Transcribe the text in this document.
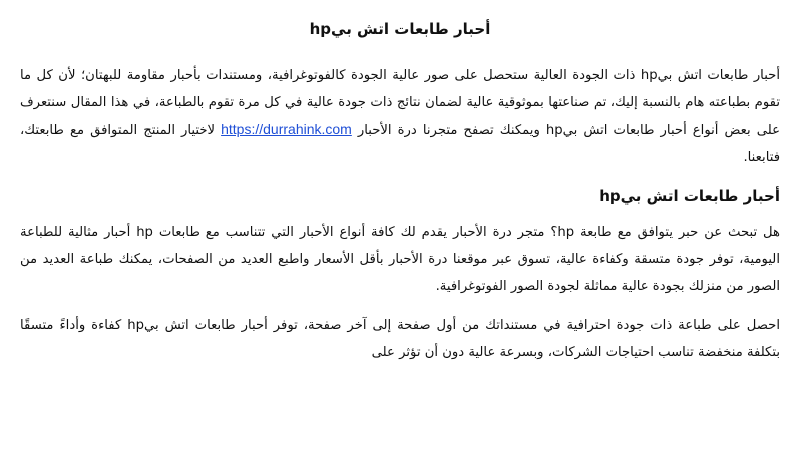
أحبار طابعات اتش بيhp

أحبار طابعات اتش بيhp ذات الجودة العالية ستحصل على صور عالية الجودة كالفوتوغرافية، ومستندات بأحبار مقاومة للبهتان؛ لأن كل ما تقوم بطباعته هام بالنسبة إليك، تم صناعتها بموثوقية عالية لضمان نتائج ذات جودة عالية في كل مرة تقوم بالطباعة، في هذا المقال سنتعرف على بعض أنواع أحبار طابعات اتش بيhp ويمكنك تصفح متجرنا درة الأحبار https://durrahink.com لاختيار المنتج المتوافق مع طابعتك، فتابعنا.

أحبار طابعات اتش بيhp

هل تبحث عن حبر يتوافق مع طابعة hp؟ متجر درة الأحبار يقدم لك كافة أنواع الأحبار التي تتناسب مع طابعات hp أحبار مثالية للطباعة اليومية، توفر جودة متسقة وكفاءة عالية، تسوق عبر موقعنا درة الأحبار بأقل الأسعار واطبع العديد من الصفحات، يمكنك طباعة العديد من الصور من منزلك بجودة عالية مماثلة لجودة الصور الفوتوغرافية.

احصل على طباعة ذات جودة احترافية في مستنداتك من أول صفحة إلى آخر صفحة، توفر أحبار طابعات اتش بيhp كفاءة وأداءً متسقًا بتكلفة منخفضة تناسب احتياجات الشركات، وبسرعة عالية دون أن تؤثر على
